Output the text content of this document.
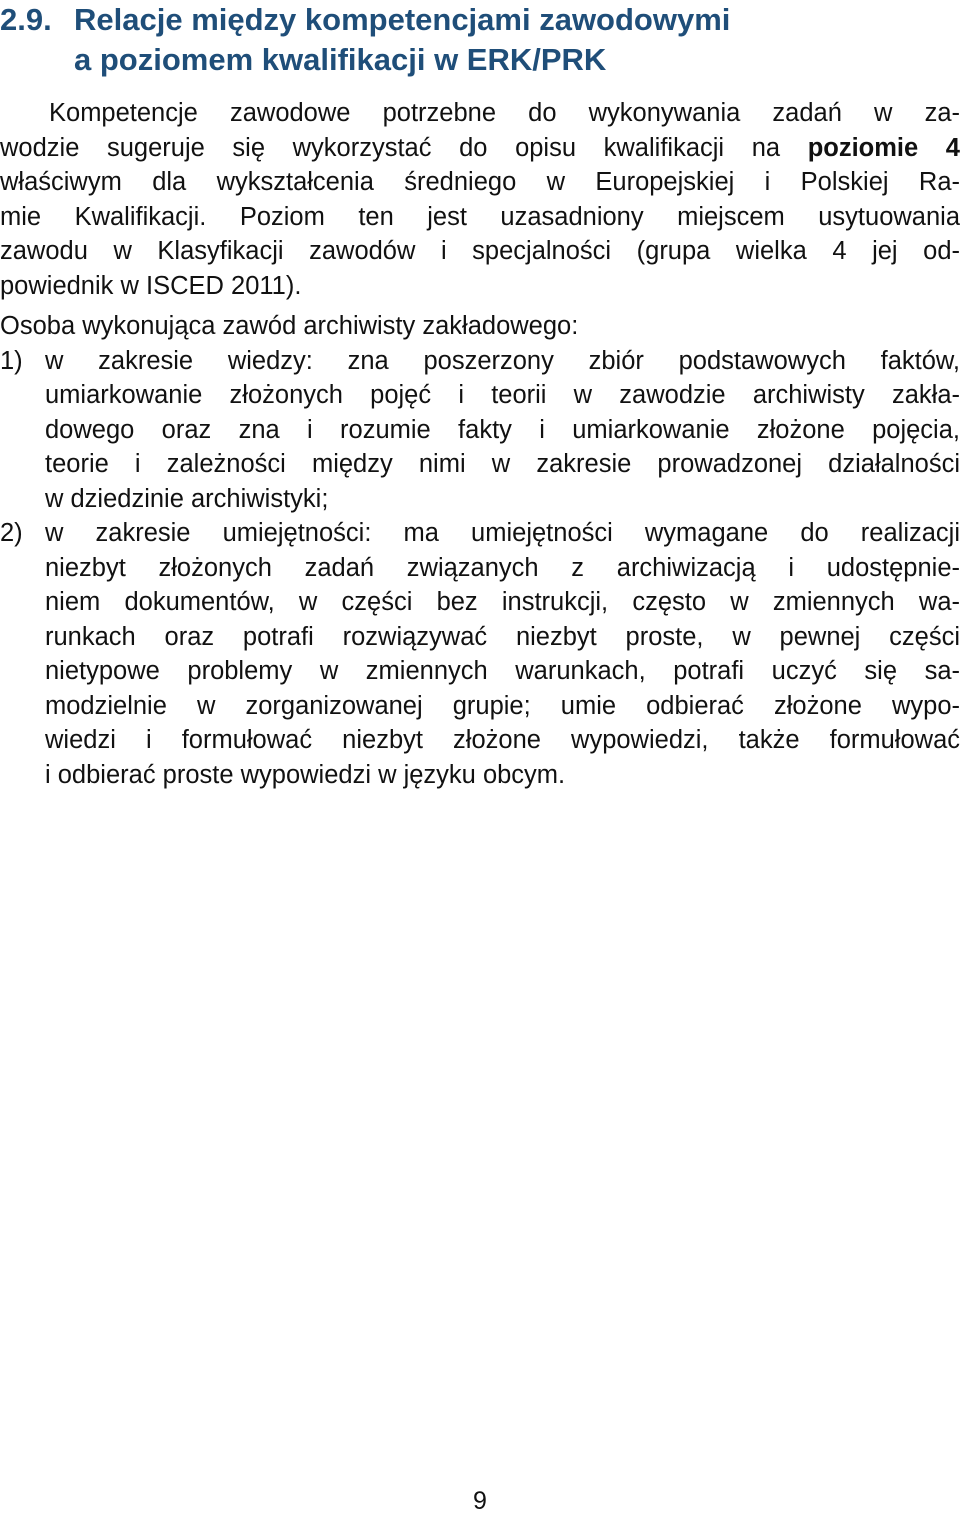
2.9. Relacje między kompetencjami zawodowymi
a poziomem kwalifikacji w ERK/PRK
Kompetencje zawodowe potrzebne do wykonywania zadań w za-
wodzie sugeruje się wykorzystać do opisu kwalifikacji na poziomie 4
właściwym dla wykształcenia średniego w Europejskiej i Polskiej Ra-
mie Kwalifikacji. Poziom ten jest uzasadniony miejscem usytuowania
zawodu w Klasyfikacji zawodów i specjalności (grupa wielka 4 jej od-
powiednik w ISCED 2011).
Osoba wykonująca zawód archiwisty zakładowego:
1) w zakresie wiedzy: zna poszerzony zbiór podstawowych faktów,
umiarkowanie złożonych pojęć i teorii w zawodzie archiwisty zakła-
dowego oraz zna i rozumie fakty i umiarkowanie złożone pojęcia,
teorie i zależności między nimi w zakresie prowadzonej działalności
w dziedzinie archiwistyki;
2) w zakresie umiejętności: ma umiejętności wymagane do realizacji
niezbyt złożonych zadań związanych z archiwizacją i udostępnie-
niem dokumentów, w części bez instrukcji, często w zmiennych wa-
runkach oraz potrafi rozwiązywać niezbyt proste, w pewnej części
nietypowe problemy w zmiennych warunkach, potrafi uczyć się sa-
modzielnie w zorganizowanej grupie; umie odbierać złożone wypo-
wiedzi i formułować niezbyt złożone wypowiedzi, także formułować
i odbierać proste wypowiedzi w języku obcym.
9
